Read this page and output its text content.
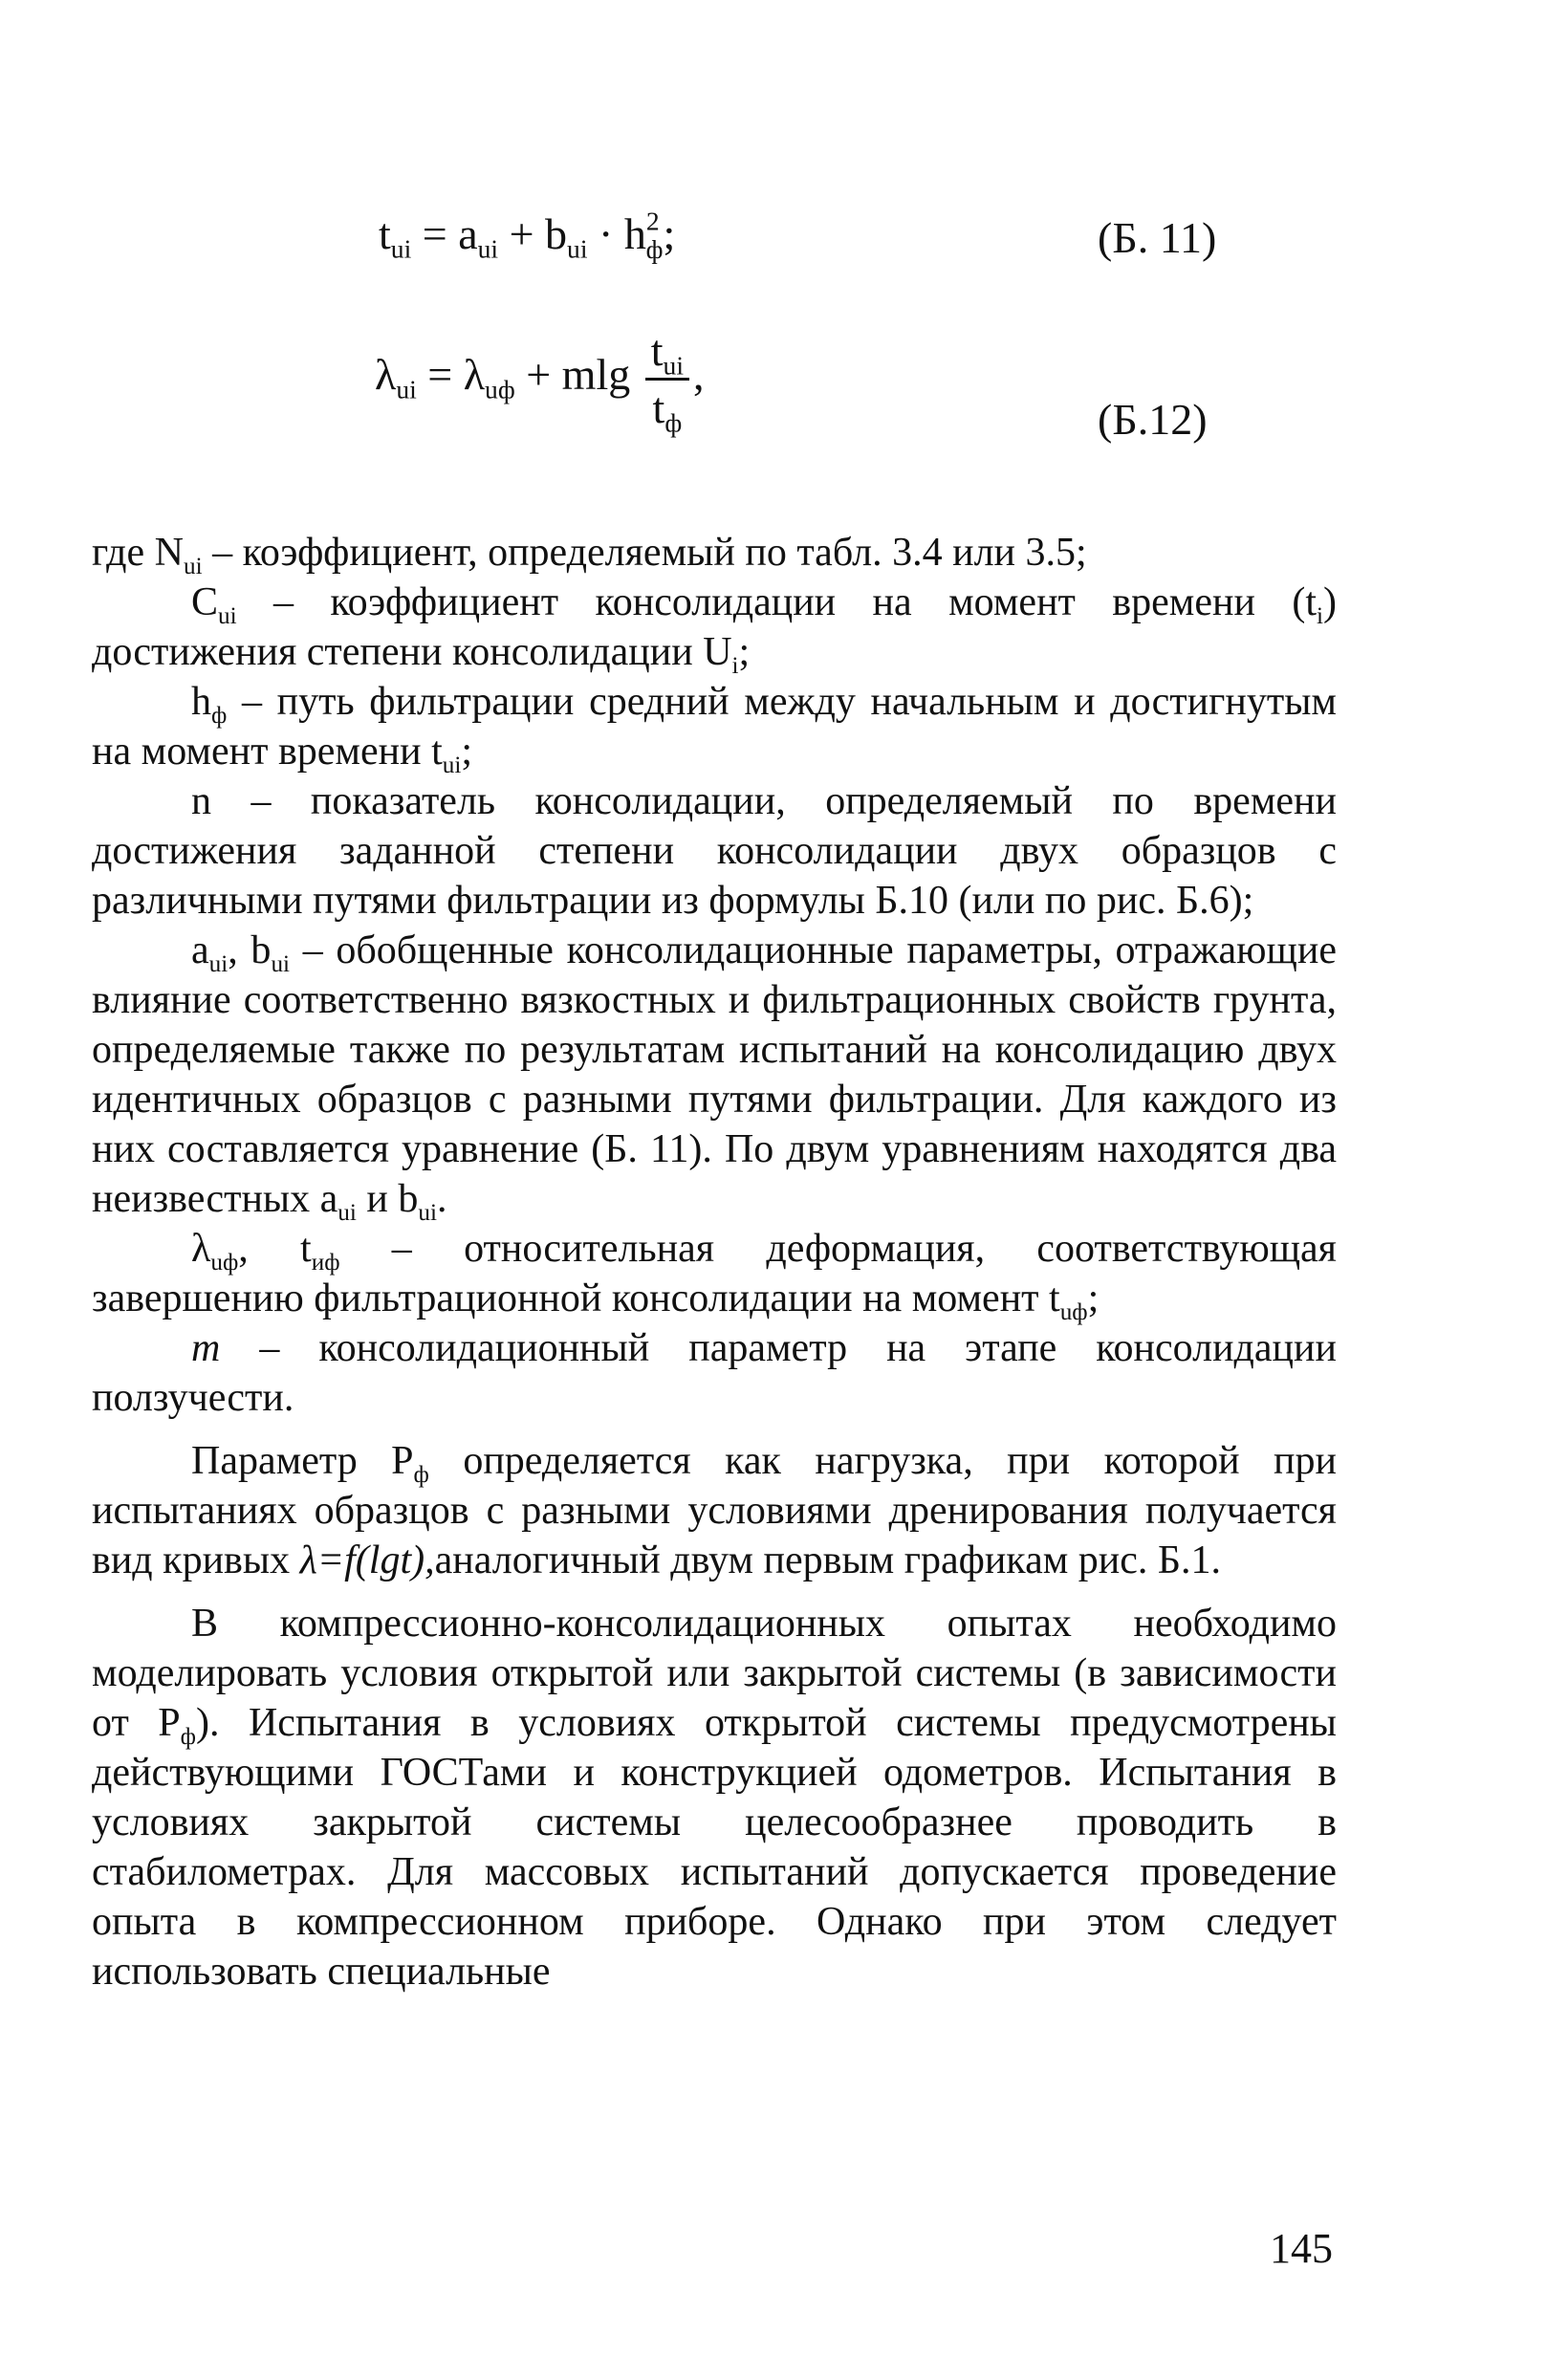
$t_{ui} = a_{ui} + b_{ui} \cdot h^2_ф$;	(Б. 11)
$\lambda_{ui} = \lambda_{uф} + mlg \frac{t_{ui}}{t_ф}$ ,
(Б.12)

где $N_{ui}$ – коэффициент, определяемый по табл. 3.4 или 3.5;

$C_{ui}$ – коэффициент консолидации на момент времени $(t_i)$ достижения степени консолидации $U_i$;

$h_ф$ – путь фильтрации средний между начальным и достигнутым на момент времени $t_{ui}$;

n – показатель консолидации, определяемый по времени достижения заданной степени консолидации двух образцов с различными путями фильтрации из формулы Б.10 (или по рис. Б.6);

$a_{ui}$, $b_{ui}$ – обобщенные консолидационные параметры, отражающие влияние соответственно вязкостных и фильтрационных свойств грунта, определяемые также по результатам испытаний на консолидацию двух идентичных образцов с разными путями фильтрации. Для каждого из них составляется уравнение (Б. 11). По двум уравнениям находятся два неизвестных $a_{ui}$ и $b_{ui}$.

$\lambda_{uф}$, $t_{иф}$ – относительная деформация, соответствующая завершению фильтрационной консолидации на момент $t_{uф}$;

m – консолидационный параметр на этапе консолидации ползучести.

Параметр $P_ф$ определяется как нагрузка, при которой при испытаниях образцов с разными условиями дренирования получается вид кривых λ=f(lgt),аналогичный двум первым графикам рис. Б.1.

В компрессионно-консолидационных опытах необходимо моделировать условия открытой или закрытой системы (в зависимости от $P_ф$). Испытания в условиях открытой системы предусмотрены действующими ГОСТами и конструкцией одометров. Испытания в условиях закрытой системы целесообразнее проводить в стабилометрах. Для массовых испытаний допускается проведение опыта в компрессионном приборе. Однако при этом следует использовать специальные

145
